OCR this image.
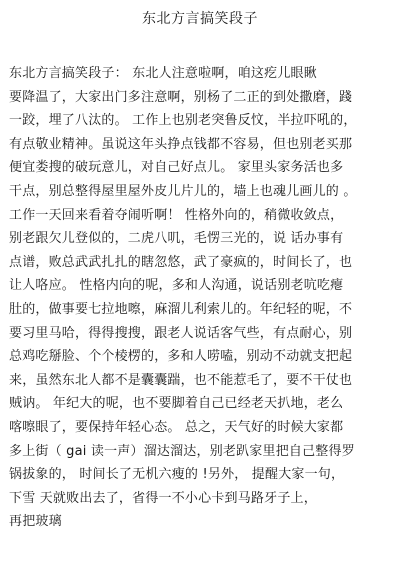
东北方言搞笑段子
东北方言搞笑段子： 东北人注意啦啊，咱这疙儿眼瞅
要降温了，大家出门多注意啊，别杨了二正的到处撒磨，踐
一跤，埋了八汰的。 工作上也别老突鲁反忟，半拉吓吼的，
有点敬业精神。虽说这年头挣点钱都不容易，但也别老买那
便宜娄搜的破玩意儿，对自己好点儿。 家里头家务活也多
干点，别总整得屋里屋外皮儿片儿的，墙上也魂儿画儿的 。
工作一天回来看着夺闹听啊！ 性格外向的，稍微收敛点，
别老跟欠儿登似的，二虎八叽，毛愣三光的，说 话办事有
点谱，败总武武扎扎的瞎忽悠，武了豪疯的，时间长了，也
让人咯应。 性格内向的呢，多和人沟通，说话别老吭吃瘪
肚的，做事要七拉地嚓，麻溜儿利索儿的。年纪轻的呢，不
要习里马哈，得得搜搜，跟老人说话客气些，有点耐心，别
总鸡吃掰脸、个个棱楞的，多和人唠嗑，别动不动就支把起
来，虽然东北人都不是囊囊踹，也不能惹毛了，要不干仗也
贼讷。 年纪大的呢，也不要脚着自己已经老天扒地，老么
喀嚓眼了，要保持年轻心态。 总之，天气好的时候大家都
多上街（ gai 读一声）溜达溜达，别老趴家里把自己整得罗
锅拔象的， 时间长了无机六瘦的 !另外， 提醒大家一句，
下雪 天就败出去了，省得一不小心卡到马路牙子上，
再把玻璃
